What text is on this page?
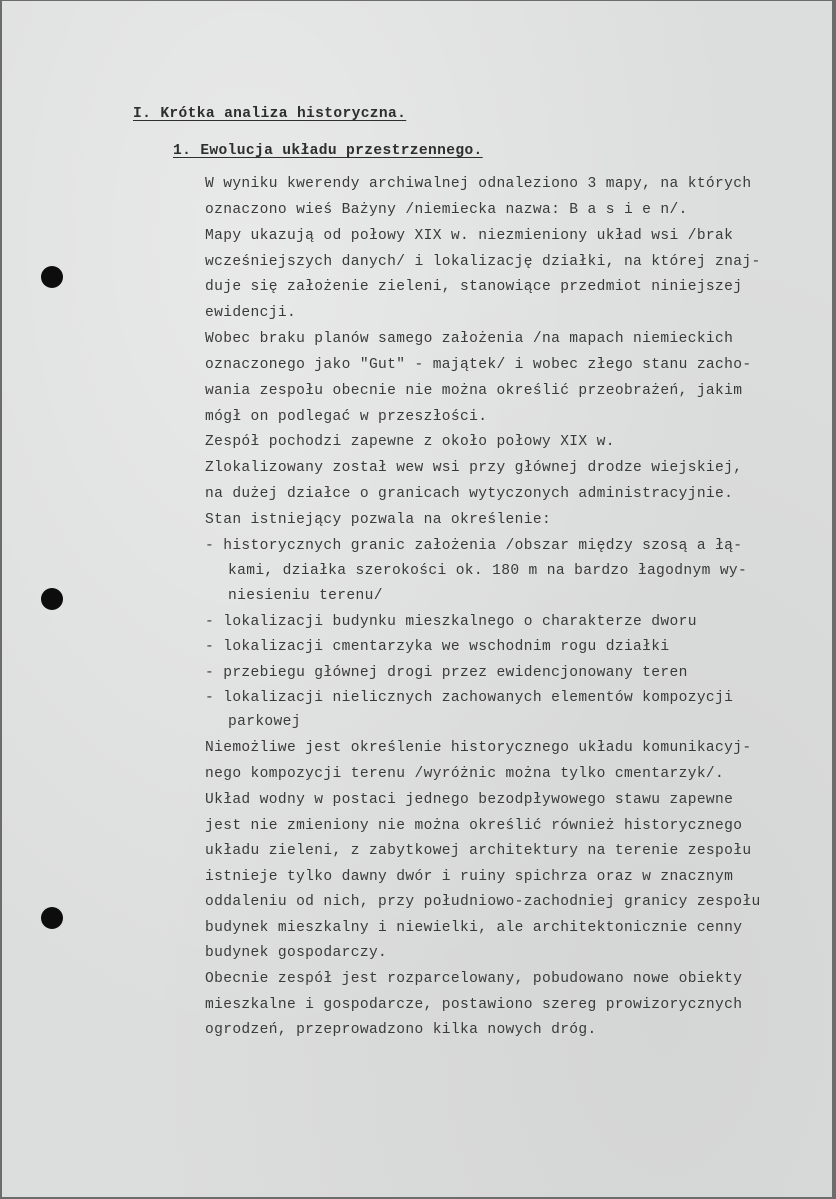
I. Krótka analiza historyczna.
1. Ewolucja układu przestrzennego.
W wyniku kwerendy archiwalnej odnaleziono 3 mapy, na których
oznaczono wieś Bażyny /niemiecka nazwa: B a s i e n/.
Mapy ukazują od połowy XIX w. niezmieniony układ wsi /brak
wcześniejszych danych/ i lokalizację działki, na której znaj-
duje się założenie zieleni, stanowiące przedmiot niniejszej
ewidencji.
Wobec braku planów samego założenia /na mapach niemieckich
oznaczonego jako "Gut" - majątek/ i wobec złego stanu zacho-
wania zespołu obecnie nie można określić przeobrażeń, jakim
mógł on podlegać w przeszłości.
Zespół pochodzi zapewne z około połowy XIX w.
Zlokalizowany został wew wsi przy głównej drodze wiejskiej,
na dużej działce o granicach wytyczonych administracyjnie.
Stan istniejący pozwala na określenie:
- historycznych granic założenia /obszar między szosą a łą-
kami, działka szerokości ok. 180 m na bardzo łagodnym wy-
niesieniu terenu/
- lokalizacji budynku mieszkalnego o charakterze dworu
- lokalizacji cmentarzyka we wschodnim rogu działki
- przebiegu głównej drogi przez ewidencjonowany teren
- lokalizacji nielicznych zachowanych elementów kompozycji
parkowej
Niemożliwe jest określenie historycznego układu komunikacyj-
nego kompozycji terenu /wyróżnic można tylko cmentarzyk/.
Układ wodny w postaci jednego bezodpływowego stawu zapewne
jest nie zmieniony nie można określić również historycznego
układu zieleni, z zabytkowej architektury na terenie zespołu
istnieje tylko dawny dwór i ruiny spichrza oraz w znacznym
oddaleniu od nich, przy południowo-zachodniej granicy zespołu
budynek mieszkalny i niewielki, ale architektonicznie cenny
budynek gospodarczy.
Obecnie zespół jest rozparcelowany, pobudowano nowe obiekty
mieszkalne i gospodarcze, postawiono szereg prowizorycznych
ogrodzeń, przeprowadzono kilka nowych dróg.
